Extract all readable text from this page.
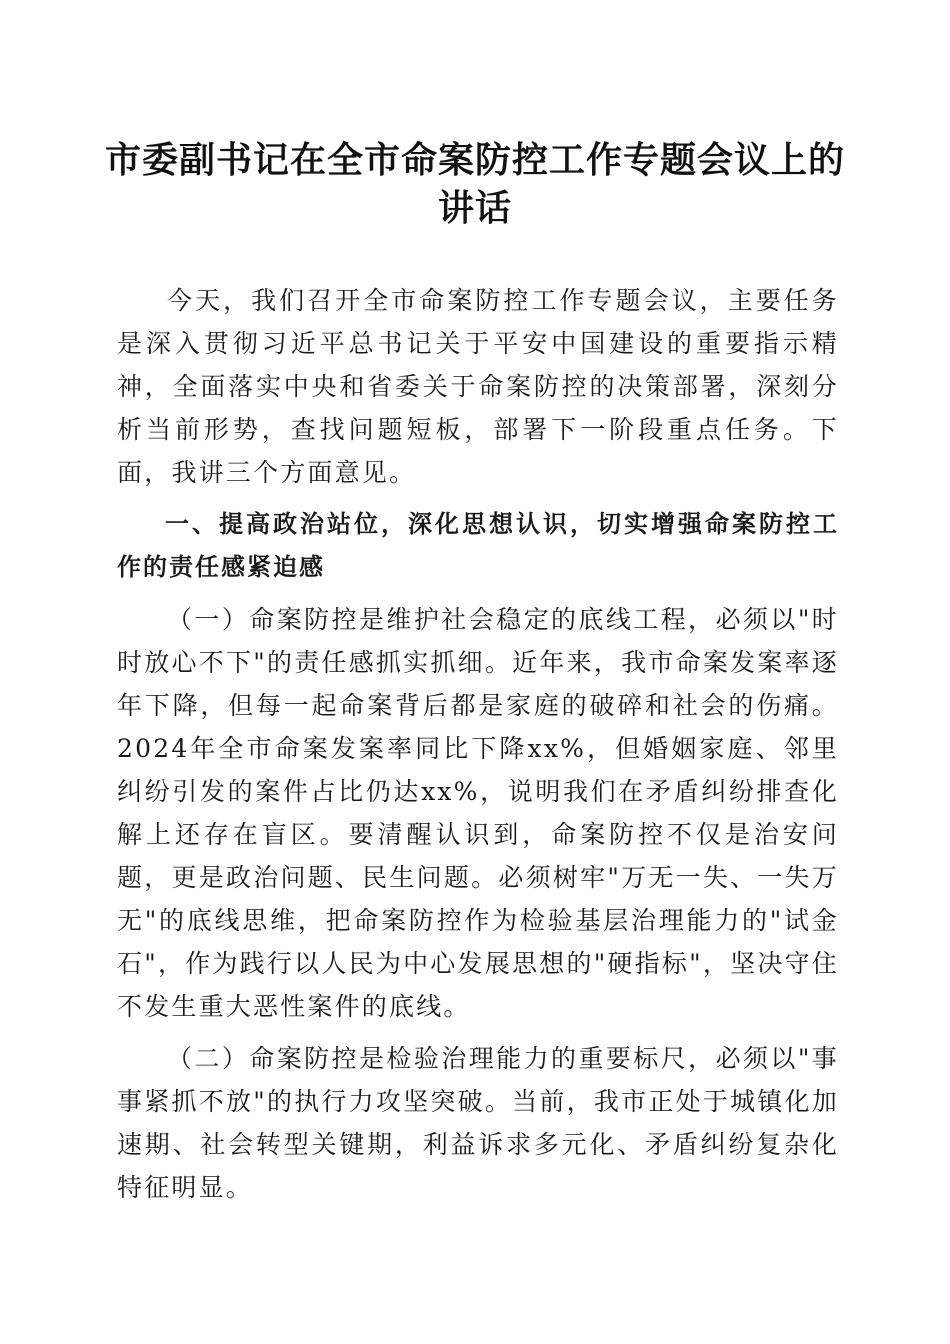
市委副书记在全市命案防控工作专题会议上的讲话

今天，我们召开全市命案防控工作专题会议，主要任务是深入贯彻习近平总书记关于平安中国建设的重要指示精神，全面落实中央和省委关于命案防控的决策部署，深刻分析当前形势，查找问题短板，部署下一阶段重点任务。下面，我讲三个方面意见。

一、提高政治站位，深化思想认识，切实增强命案防控工作的责任感紧迫感

（一）命案防控是维护社会稳定的底线工程，必须以"时时放心不下"的责任感抓实抓细。近年来，我市命案发案率逐年下降，但每一起命案背后都是家庭的破碎和社会的伤痛。2024年全市命案发案率同比下降xx%，但婚姻家庭、邻里纠纷引发的案件占比仍达xx%，说明我们在矛盾纠纷排查化解上还存在盲区。要清醒认识到，命案防控不仅是治安问题，更是政治问题、民生问题。必须树牢"万无一失、一失万无"的底线思维，把命案防控作为检验基层治理能力的"试金石"，作为践行以人民为中心发展思想的"硬指标"，坚决守住不发生重大恶性案件的底线。

（二）命案防控是检验治理能力的重要标尺，必须以"事事紧抓不放"的执行力攻坚突破。当前，我市正处于城镇化加速期、社会转型关键期，利益诉求多元化、矛盾纠纷复杂化特征明显。
